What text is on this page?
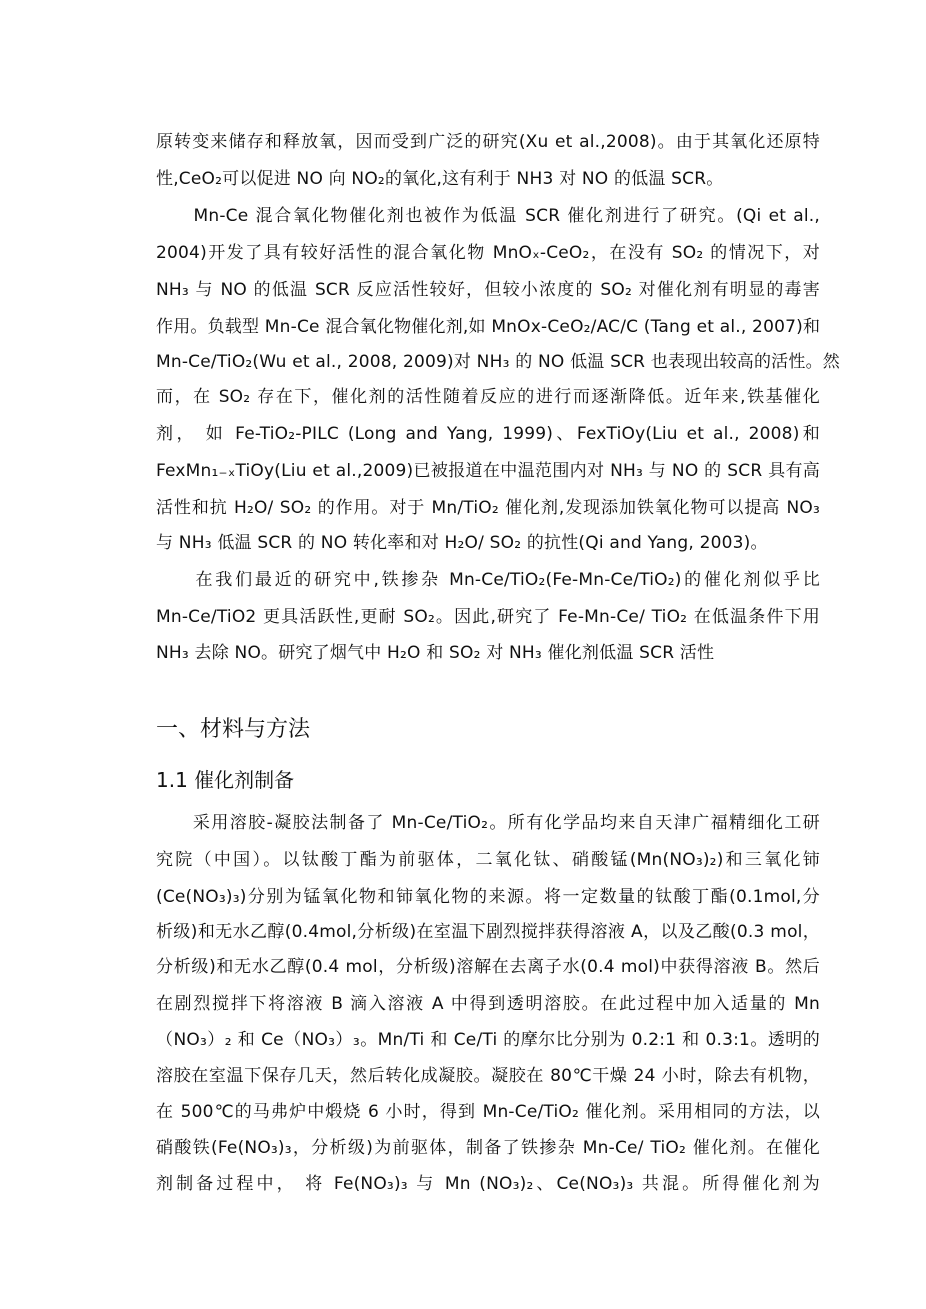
原转变来储存和释放氧，因而受到广泛的研究(Xu et al.,2008)。由于其氧化还原特
性,CeO₂可以促进 NO 向 NO₂的氧化,这有利于 NH3 对 NO 的低温 SCR。
　　Mn-Ce 混合氧化物催化剂也被作为低温 SCR 催化剂进行了研究。(Qi et al.,
2004)开发了具有较好活性的混合氧化物 MnOₓ-CeO₂，在没有 SO₂ 的情况下，对
NH₃ 与 NO 的低温 SCR 反应活性较好，但较小浓度的 SO₂ 对催化剂有明显的毒害
作用。负载型 Mn-Ce 混合氧化物催化剂,如 MnOx-CeO₂/AC/C (Tang et al., 2007)和
Mn-Ce/TiO₂(Wu et al., 2008, 2009)对 NH₃ 的 NO 低温 SCR 也表现出较高的活性。然
而，在 SO₂ 存在下，催化剂的活性随着反应的进行而逐渐降低。近年来,铁基催化
剂， 如 Fe-TiO₂-PILC (Long and Yang, 1999)、FexTiOy(Liu et al., 2008)和
FexMn₁₋ₓTiOy(Liu et al.,2009)已被报道在中温范围内对 NH₃ 与 NO 的 SCR 具有高
活性和抗 H₂O/ SO₂ 的作用。对于 Mn/TiO₂ 催化剂,发现添加铁氧化物可以提高 NO₃
与 NH₃ 低温 SCR 的 NO 转化率和对 H₂O/ SO₂ 的抗性(Qi and Yang, 2003)。
　　在我们最近的研究中,铁掺杂 Mn-Ce/TiO₂(Fe-Mn-Ce/TiO₂)的催化剂似乎比
Mn-Ce/TiO2 更具活跃性,更耐 SO₂。因此,研究了 Fe-Mn-Ce/ TiO₂ 在低温条件下用
NH₃ 去除 NO。研究了烟气中 H₂O 和 SO₂ 对 NH₃ 催化剂低温 SCR 活性
一、材料与方法
1.1 催化剂制备
　　采用溶胶-凝胶法制备了 Mn-Ce/TiO₂。所有化学品均来自天津广福精细化工研
究院（中国）。以钛酸丁酯为前驱体，二氧化钛、硝酸锰(Mn(NO₃)₂)和三氧化铈
(Ce(NO₃)₃)分别为锰氧化物和铈氧化物的来源。将一定数量的钛酸丁酯(0.1mol,分
析级)和无水乙醇(0.4mol,分析级)在室温下剧烈搅拌获得溶液 A，以及乙酸(0.3 mol，
分析级)和无水乙醇(0.4 mol，分析级)溶解在去离子水(0.4 mol)中获得溶液 B。然后
在剧烈搅拌下将溶液 B 滴入溶液 A 中得到透明溶胶。在此过程中加入适量的 Mn
（NO₃）₂ 和 Ce（NO₃）₃。Mn/Ti 和 Ce/Ti 的摩尔比分别为 0.2:1 和 0.3:1。透明的
溶胶在室温下保存几天，然后转化成凝胶。凝胶在 80℃干燥 24 小时，除去有机物，
在 500℃的马弗炉中煅烧 6 小时，得到 Mn-Ce/TiO₂ 催化剂。采用相同的方法，以
硝酸铁(Fe(NO₃)₃，分析级)为前驱体，制备了铁掺杂 Mn-Ce/ TiO₂ 催化剂。在催化
剂制备过程中， 将 Fe(NO₃)₃ 与 Mn (NO₃)₂、Ce(NO₃)₃ 共混。所得催化剂为
